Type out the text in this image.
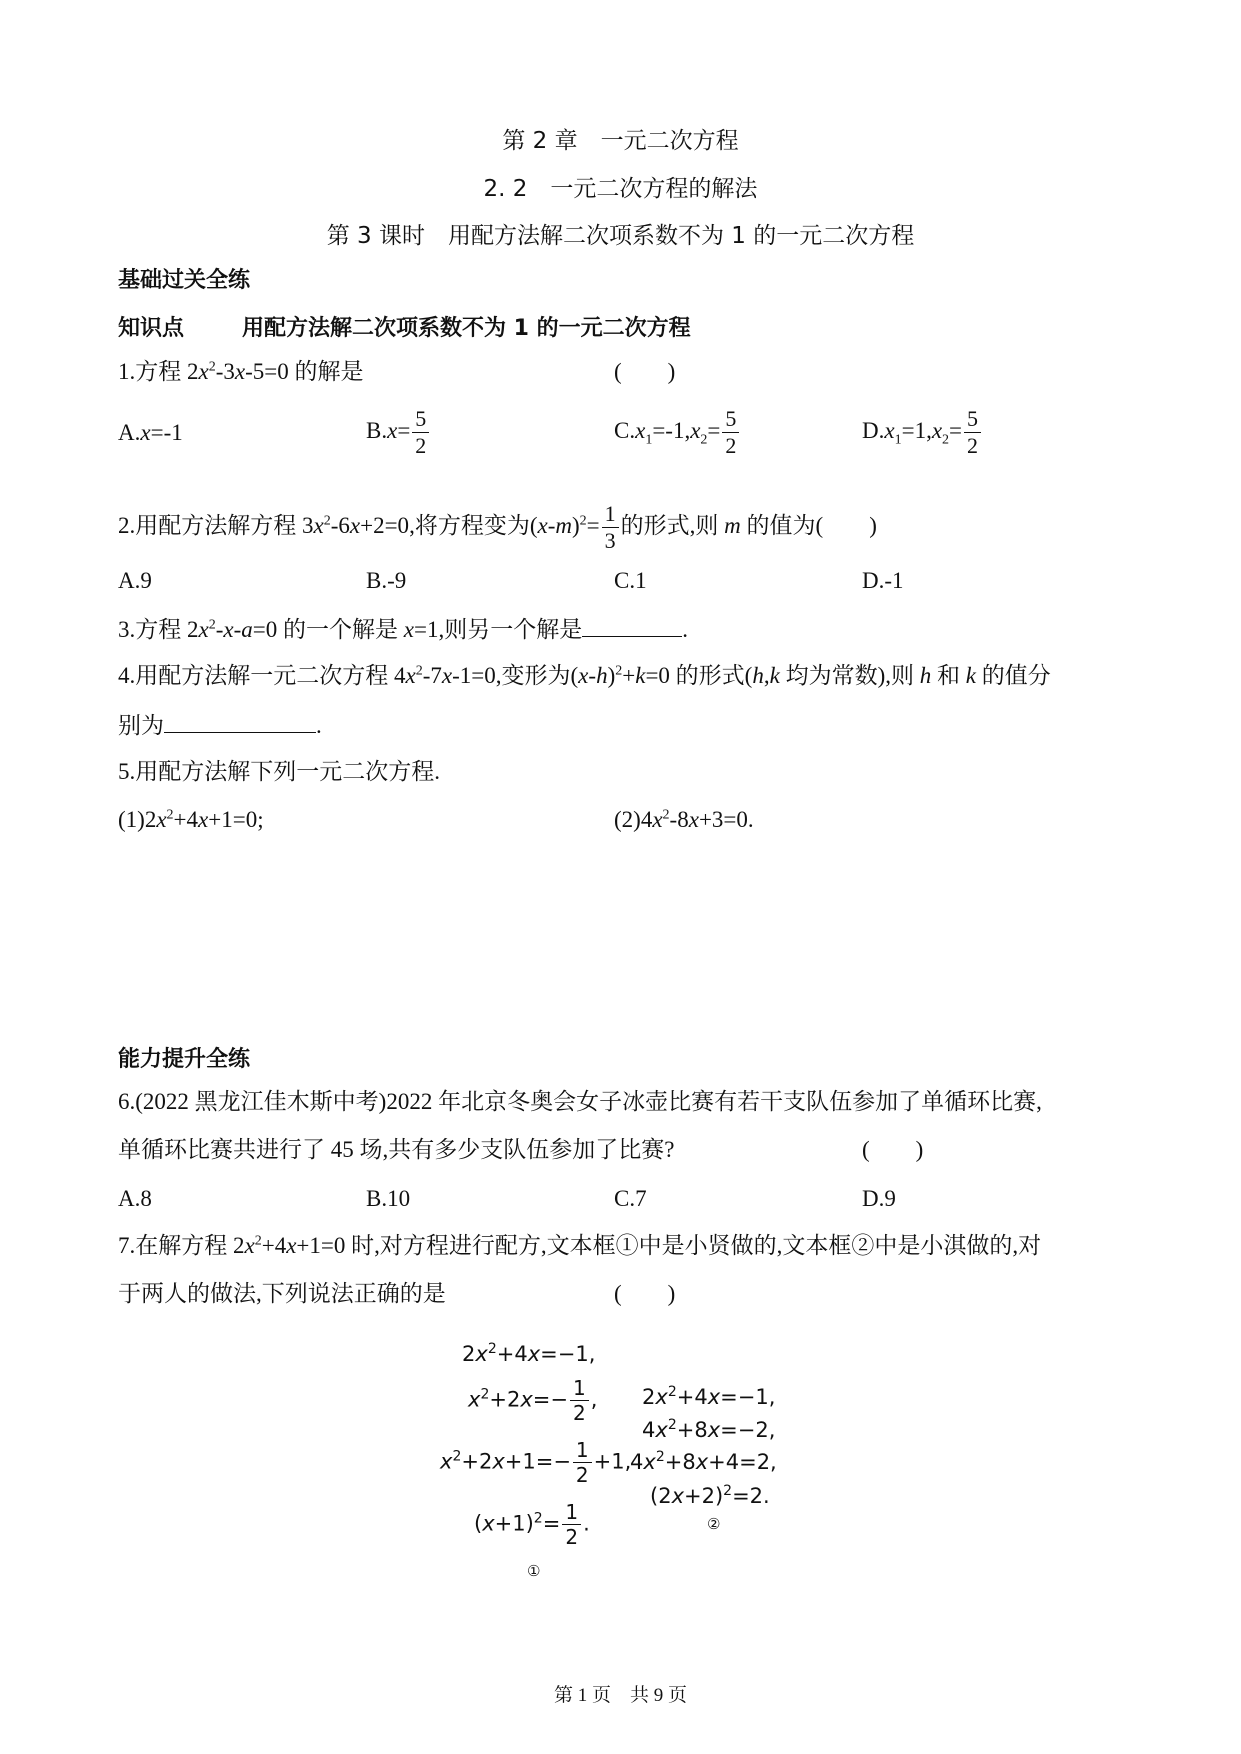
第 2 章　一元二次方程
2. 2　一元二次方程的解法
第 3 课时　用配方法解二次项系数不为 1 的一元二次方程
基础过关全练
知识点	用配方法解二次项系数不为 1 的一元二次方程
1.方程 $2x^2-3x-5=0$ 的解是	(　　)
A.x=-1	$B.x= \frac{5}{2}$	$C.x_1=-1,x_2= \frac{5}{2}$	$D.x_1=1,x_2= \frac{5}{2}$
2.用配方法解方程 $3x^2-6x+2=0$,将方程变为$(x-m)^2= \frac{1}{3}$ 的形式,则 m 的值为(　　)
A.9	B.-9	C.1	D.-1
3.方程 $2x^2-x-a=0$ 的一个解是 x=1,则另一个解是	.
4.用配方法解一元二次方程 $4x^2-7x-1=0$,变形为$(x-h)^2+k=0$ 的形式(h,k 均为常数),则 h 和 k 的值分
别为	.
5.用配方法解下列一元二次方程.
$(1)2x^2+4x+1=0$;	$(2)4x^2-8x+3=0$.
能力提升全练
6.(2022 黑龙江佳木斯中考)2022 年北京冬奥会女子冰壶比赛有若干支队伍参加了单循环比赛,
单循环比赛共进行了 45 场,共有多少支队伍参加了比赛?	(　　)
A.8	B.10	C.7	D.9
7.在解方程 $2x^2+4x+1=0$ 时,对方程进行配方,文本框①中是小贤做的,文本框②中是小淇做的,对
于两人的做法,下列说法正确的是	(　　)
$2x^2+4x=-1$,
$x^2+2x=- \frac{1}{2}$ ,
$x^2+2x+1=- \frac{1}{2} +1$,
$(x+1)^2= \frac{1}{2}$ .
①
$2x^2+4x=-1$,
$4x^2+8x=-2$,
$4x^2+8x+4=2$,
$(2x+2)^2=2$.
②
第 1 页　共 9 页
